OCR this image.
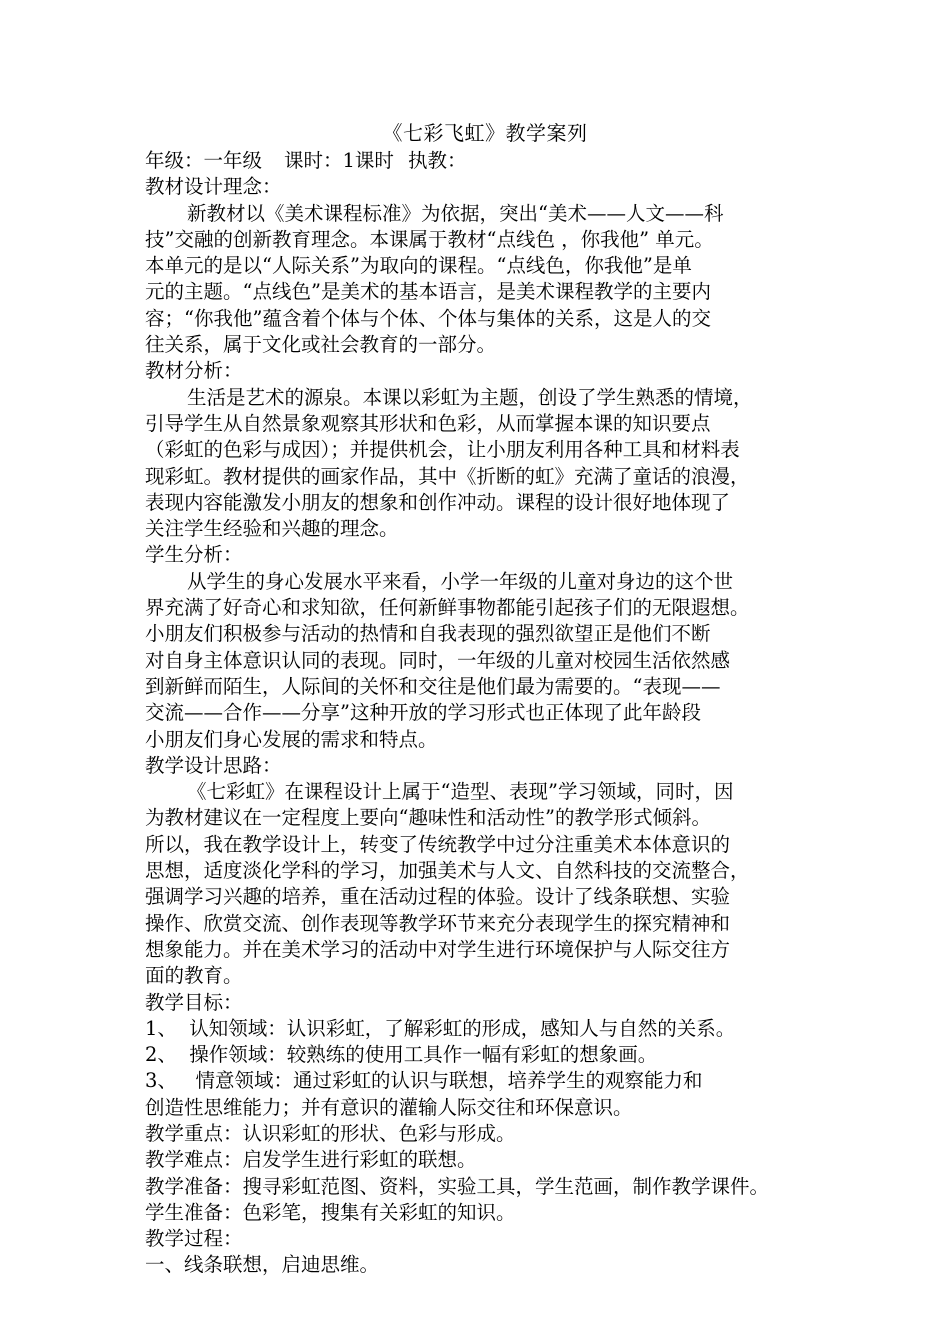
《七彩飞虹》教学案列
年级：一年级 课时：1课时 执教：
教材设计理念：
新教材以《美术课程标准》为依据，突出“美术——人文——科
技”交融的创新教育理念。本课属于教材“点线色 ，你我他” 单元。
本单元的是以“人际关系”为取向的课程。“点线色，你我他”是单
元的主题。“点线色”是美术的基本语言，是美术课程教学的主要内
容；“你我他”蕴含着个体与个体、个体与集体的关系，这是人的交
往关系，属于文化或社会教育的一部分。
教材分析：
生活是艺术的源泉。本课以彩虹为主题，创设了学生熟悉的情境，
引导学生从自然景象观察其形状和色彩，从而掌握本课的知识要点
（彩虹的色彩与成因）；并提供机会，让小朋友利用各种工具和材料表
现彩虹。教材提供的画家作品，其中《折断的虹》充满了童话的浪漫，
表现内容能激发小朋友的想象和创作冲动。课程的设计很好地体现了
关注学生经验和兴趣的理念。
学生分析：
从学生的身心发展水平来看，小学一年级的儿童对身边的这个世
界充满了好奇心和求知欲，任何新鲜事物都能引起孩子们的无限遐想。
小朋友们积极参与活动的热情和自我表现的强烈欲望正是他们不断
对自身主体意识认同的表现。同时，一年级的儿童对校园生活依然感
到新鲜而陌生，人际间的关怀和交往是他们最为需要的。“表现——
交流——合作——分享”这种开放的学习形式也正体现了此年龄段
小朋友们身心发展的需求和特点。
教学设计思路：
《七彩虹》在课程设计上属于“造型、表现”学习领域，同时，因
为教材建议在一定程度上要向“趣味性和活动性”的教学形式倾斜。
所以，我在教学设计上，转变了传统教学中过分注重美术本体意识的
思想，适度淡化学科的学习，加强美术与人文、自然科技的交流整合，
强调学习兴趣的培养，重在活动过程的体验。设计了线条联想、实验
操作、欣赏交流、创作表现等教学环节来充分表现学生的探究精神和
想象能力。并在美术学习的活动中对学生进行环境保护与人际交往方
面的教育。
教学目标：
1、  认知领域：认识彩虹，了解彩虹的形成，感知人与自然的关系。
2、  操作领域：较熟练的使用工具作一幅有彩虹的想象画。
3、   情意领域：通过彩虹的认识与联想，培养学生的观察能力和
创造性思维能力；并有意识的灌输人际交往和环保意识。
教学重点：认识彩虹的形状、色彩与形成。
教学难点：启发学生进行彩虹的联想。
教学准备：搜寻彩虹范图、资料，实验工具，学生范画，制作教学课件。
学生准备：色彩笔，搜集有关彩虹的知识。
教学过程：
一、线条联想，启迪思维。
